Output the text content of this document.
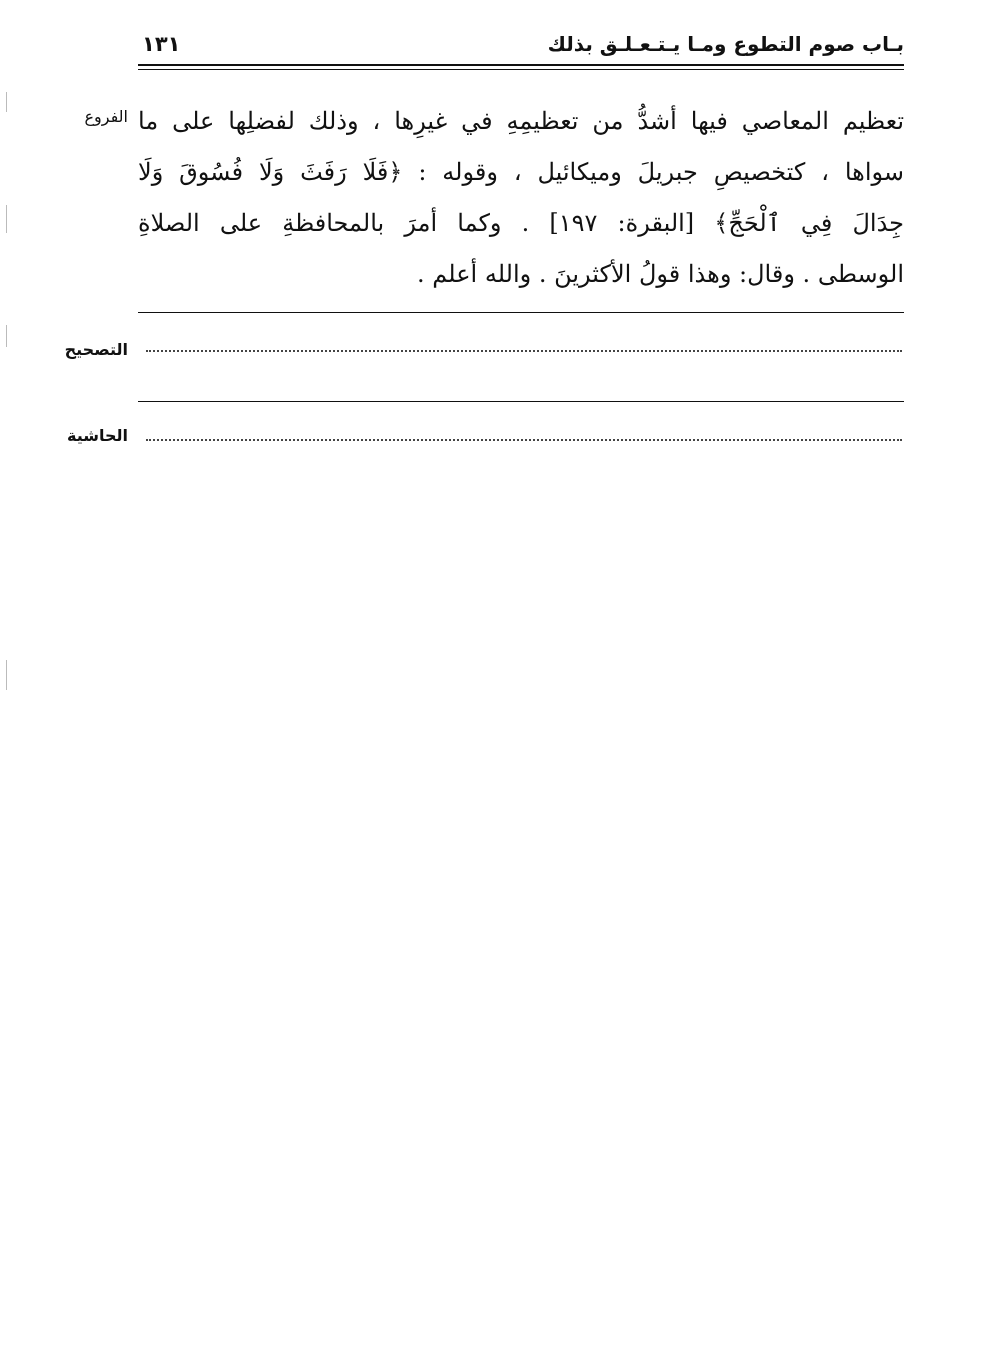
بـاب صوم التطوع ومـا يـتـعـلـق بذلك
١٣١
الفروع تعظيم المعاصي فيها أشدُّ من تعظيمِهِ في غيرِها ، وذلك لفضلِها على ما
سواها ، كتخصيصِ جبريلَ وميكائيل ، وقوله : ﴿فَلَا رَفَثَ وَلَا فُسُوقَ وَلَا
جِدَالَ فِي ٱلْحَجِّ﴾ [البقرة: ١٩٧] . وكما أمرَ بالمحافظةِ على الصلاةِ
الوسطى . وقال: وهذا قولُ الأكثرينَ . والله أعلم .
التصحيح
الحاشية
